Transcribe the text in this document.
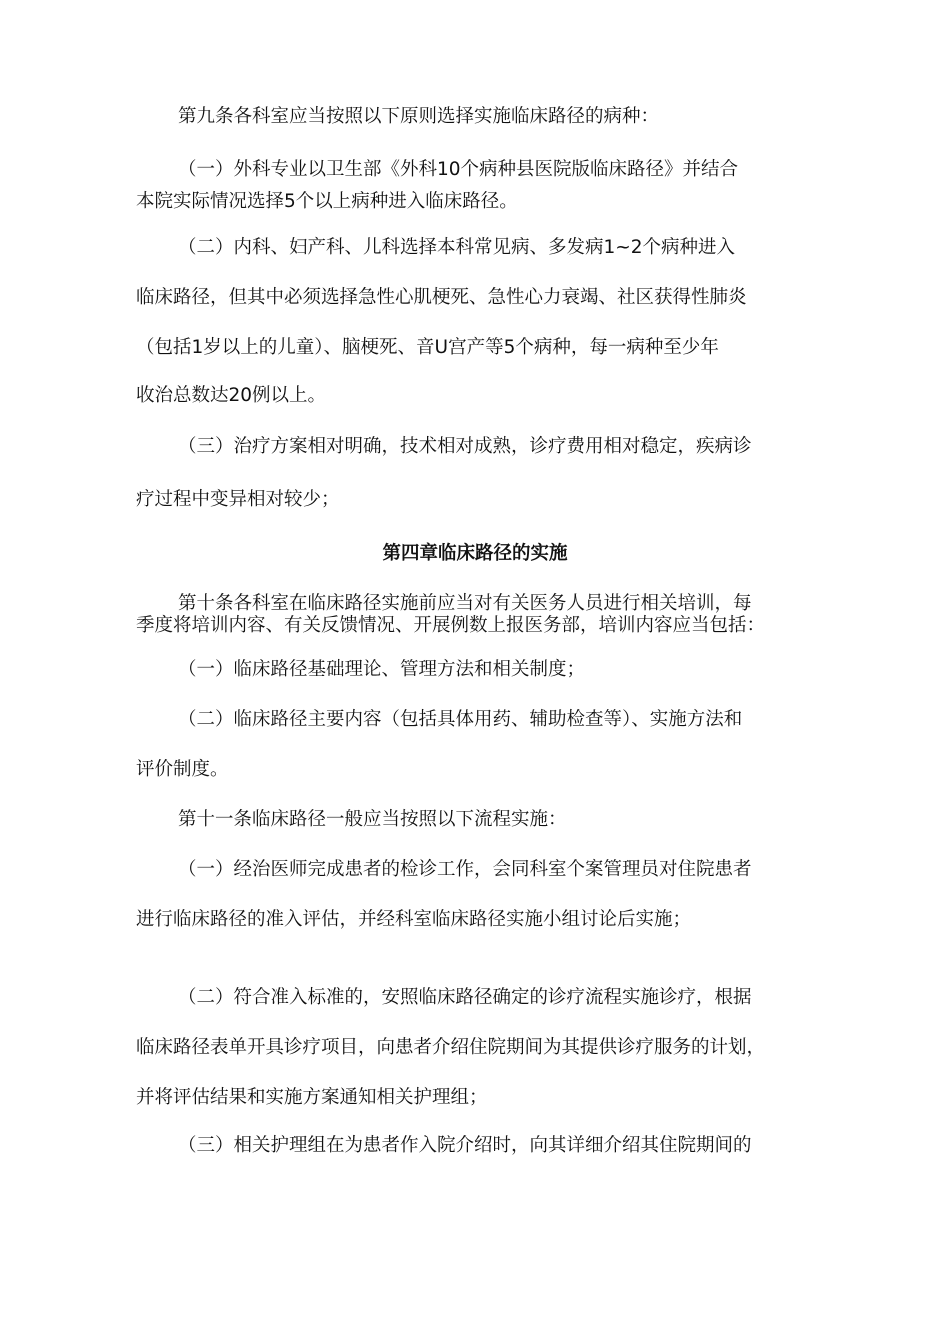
第九条各科室应当按照以下原则选择实施临床路径的病种：
（一）外科专业以卫生部《外科10个病种县医院版临床路径》并结合
本院实际情况选择5个以上病种进入临床路径。
（二）内科、妇产科、儿科选择本科常见病、多发病1~2个病种进入
临床路径，但其中必须选择急性心肌梗死、急性心力衰竭、社区获得性肺炎
（包括1岁以上的儿童）、脑梗死、音U宫产等5个病种，每一病种至少年
收治总数达20例以上。
（三）治疗方案相对明确，技术相对成熟，诊疗费用相对稳定，疾病诊
疗过程中变异相对较少；
第四章临床路径的实施
第十条各科室在临床路径实施前应当对有关医务人员进行相关培训，每
季度将培训内容、有关反馈情况、开展例数上报医务部，培训内容应当包括：
（一）临床路径基础理论、管理方法和相关制度；
（二）临床路径主要内容（包括具体用药、辅助检查等）、实施方法和
评价制度。
第十一条临床路径一般应当按照以下流程实施：
（一）经治医师完成患者的检诊工作，会同科室个案管理员对住院患者
进行临床路径的准入评估，并经科室临床路径实施小组讨论后实施；
（二）符合准入标准的，安照临床路径确定的诊疗流程实施诊疗，根据
临床路径表单开具诊疗项目，向患者介绍住院期间为其提供诊疗服务的计划，
并将评估结果和实施方案通知相关护理组；
（三）相关护理组在为患者作入院介绍时，向其详细介绍其住院期间的
